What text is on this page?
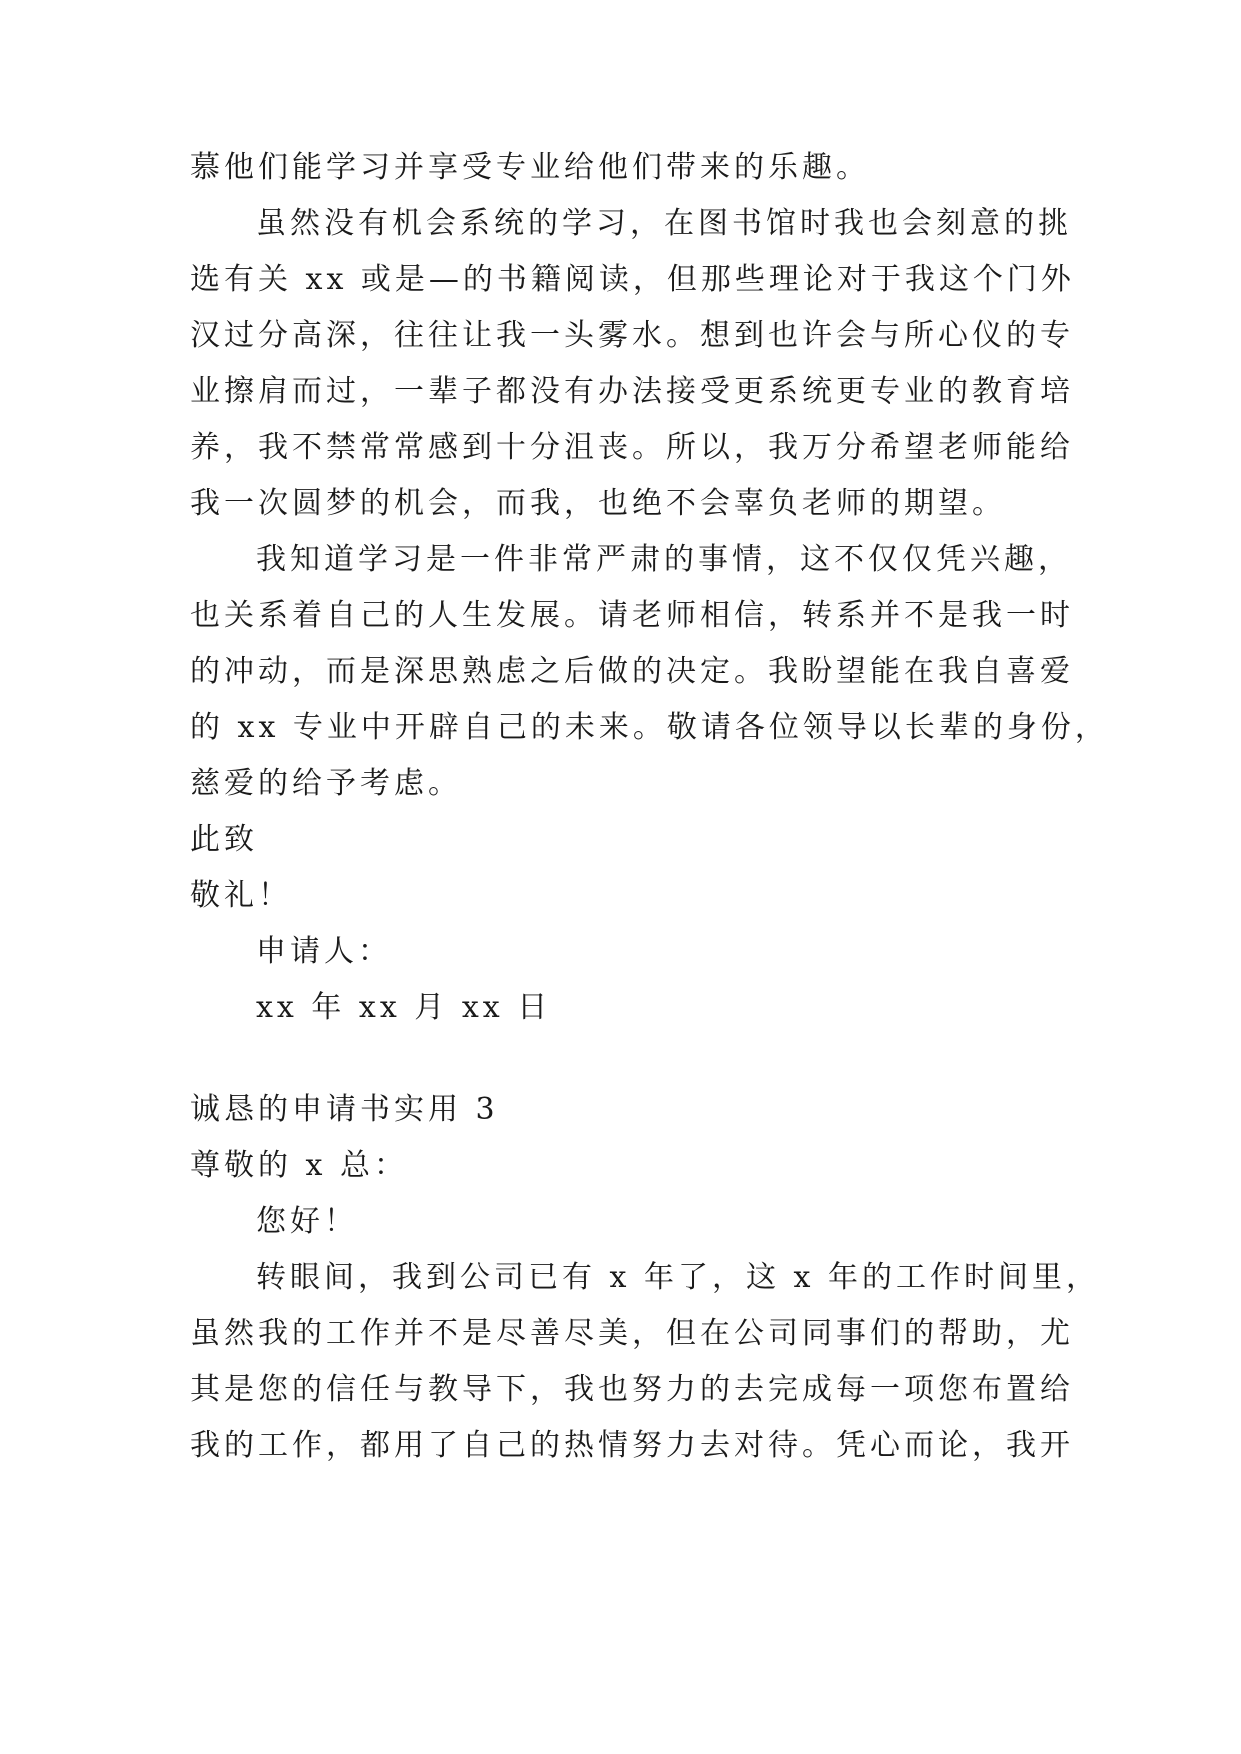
慕他们能学习并享受专业给他们带来的乐趣。
虽然没有机会系统的学习，在图书馆时我也会刻意的挑
选有关 xx 或是—的书籍阅读，但那些理论对于我这个门外
汉过分高深，往往让我一头雾水。想到也许会与所心仪的专
业擦肩而过，一辈子都没有办法接受更系统更专业的教育培
养，我不禁常常感到十分沮丧。所以，我万分希望老师能给
我一次圆梦的机会，而我，也绝不会辜负老师的期望。
我知道学习是一件非常严肃的事情，这不仅仅凭兴趣，
也关系着自己的人生发展。请老师相信，转系并不是我一时
的冲动，而是深思熟虑之后做的决定。我盼望能在我自喜爱
的 xx 专业中开辟自己的未来。敬请各位领导以长辈的身份，
慈爱的给予考虑。
此致
敬礼！
申请人：
xx 年 xx 月 xx 日
诚恳的申请书实用 3
尊敬的 x 总：
您好！
转眼间，我到公司已有 x 年了，这 x 年的工作时间里，
虽然我的工作并不是尽善尽美，但在公司同事们的帮助，尤
其是您的信任与教导下，我也努力的去完成每一项您布置给
我的工作，都用了自己的热情努力去对待。凭心而论，我开
